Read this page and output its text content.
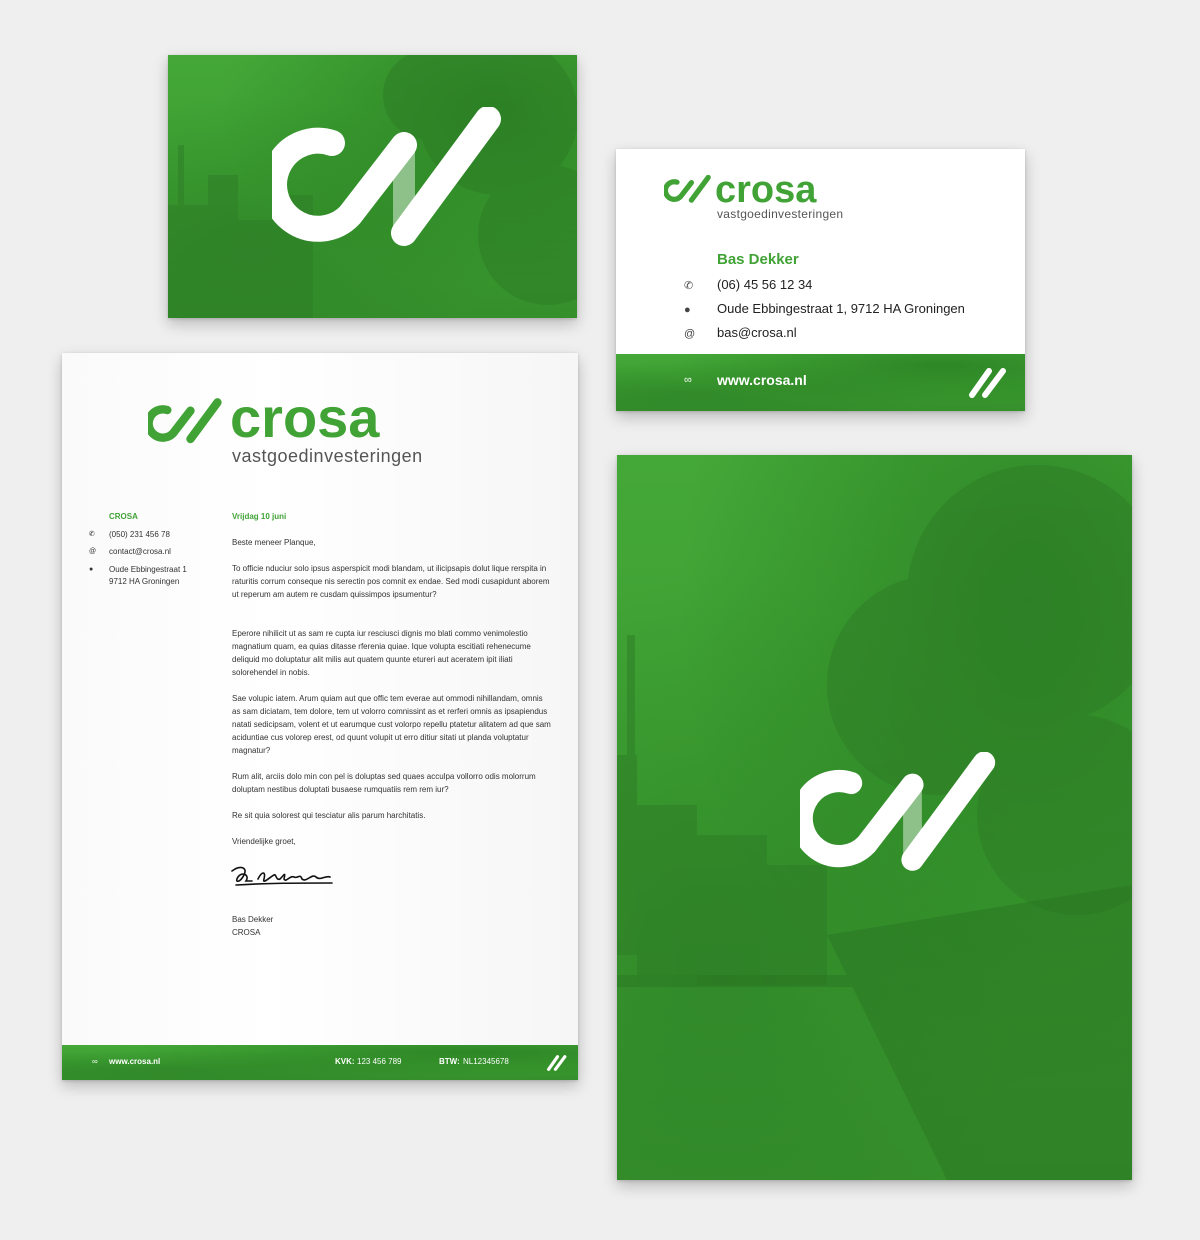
crosa
vastgoedinvesteringen
Bas Dekker
✆ (06) 45 56 12 34
● Oude Ebbingestraat 1, 9712 HA Groningen
@ bas@crosa.nl
∞ www.crosa.nl
crosa
vastgoedinvesteringen
CROSA
✆ (050) 231 456 78
@ contact@crosa.nl
● Oude Ebbingestraat 1
9712 HA Groningen
Vrijdag 10 juni
Beste meneer Planque,
To officie nduciur solo ipsus asperspicit modi blandam, ut ilicipsapis dolut lique rerspita in raturitis corrum conseque nis serectin pos comnit ex endae. Sed modi cusapidunt aborem ut reperum am autem re cusdam quissimpos ipsumentur?
Eperore nihilicit ut as sam re cupta iur resciusci dignis mo blati commo venimolestio magnatium quam, ea quias ditasse rferenia quiae. Ique volupta escitiati rehenecume deliquid mo doluptatur alit milis aut quatem quunte etureri aut aceratem ipit iliati solorehendel in nobis.
Sae volupic iatem. Arum quiam aut que offic tem everae aut ommodi nihillandam, omnis as sam diciatam, tem dolore, tem ut volorro comnissint as et rerferi omnis as ipsapiendus natati sedicipsam, volent et ut earumque cust volorpo repellu ptatetur alitatem ad que sam aciduntiae cus volorep erest, od quunt volupit ut erro ditiur sitati ut planda voluptatur magnatur?
Rum alit, arciis dolo min con pel is doluptas sed quaes acculpa vollorro odis molorrum doluptam nestibus doluptati busaese rumquatiis rem rem iur?
Re sit quia solorest qui tesciatur alis parum harchitatis.
Vriendelijke groet,
Bas Dekker
CROSA
∞ www.crosa.nl	KVK: 123 456 789	BTW: NL12345678
